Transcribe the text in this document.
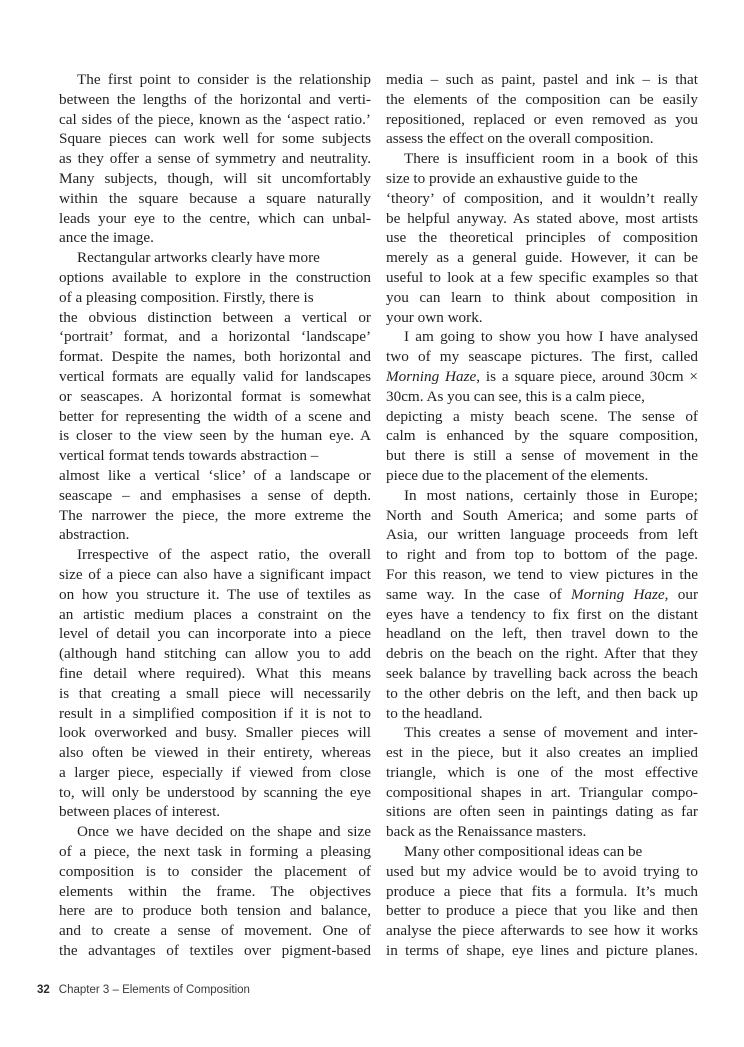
The first point to consider is the relationship
between the lengths of the horizontal and verti-
cal sides of the piece, known as the ‘aspect ratio.’
Square pieces can work well for some subjects
as they offer a sense of symmetry and neutrality.
Many subjects, though, will sit uncomfortably
within the square because a square naturally
leads your eye to the centre, which can unbal-
ance the image.
Rectangular artworks clearly have more
options available to explore in the construction
of a pleasing composition. Firstly, there is
the obvious distinction between a vertical or
‘portrait’ format, and a horizontal ‘landscape’
format. Despite the names, both horizontal and
vertical formats are equally valid for landscapes
or seascapes. A horizontal format is somewhat
better for representing the width of a scene and
is closer to the view seen by the human eye. A
vertical format tends towards abstraction –
almost like a vertical ‘slice’ of a landscape or
seascape – and emphasises a sense of depth.
The narrower the piece, the more extreme the
abstraction.
Irrespective of the aspect ratio, the overall
size of a piece can also have a significant impact
on how you structure it. The use of textiles as
an artistic medium places a constraint on the
level of detail you can incorporate into a piece
(although hand stitching can allow you to add
fine detail where required). What this means
is that creating a small piece will necessarily
result in a simplified composition if it is not to
look overworked and busy. Smaller pieces will
also often be viewed in their entirety, whereas
a larger piece, especially if viewed from close
to, will only be understood by scanning the eye
between places of interest.
Once we have decided on the shape and size
of a piece, the next task in forming a pleasing
composition is to consider the placement of
elements within the frame. The objectives
here are to produce both tension and balance,
and to create a sense of movement. One of
the advantages of textiles over pigment-based
media – such as paint, pastel and ink – is that
the elements of the composition can be easily
repositioned, replaced or even removed as you
assess the effect on the overall composition.
There is insufficient room in a book of this
size to provide an exhaustive guide to the
‘theory’ of composition, and it wouldn’t really
be helpful anyway. As stated above, most artists
use the theoretical principles of composition
merely as a general guide. However, it can be
useful to look at a few specific examples so that
you can learn to think about composition in
your own work.
I am going to show you how I have analysed
two of my seascape pictures. The first, called
Morning Haze, is a square piece, around 30cm ×
30cm. As you can see, this is a calm piece,
depicting a misty beach scene. The sense of
calm is enhanced by the square composition,
but there is still a sense of movement in the
piece due to the placement of the elements.
In most nations, certainly those in Europe;
North and South America; and some parts of
Asia, our written language proceeds from left
to right and from top to bottom of the page.
For this reason, we tend to view pictures in the
same way. In the case of Morning Haze, our
eyes have a tendency to fix first on the distant
headland on the left, then travel down to the
debris on the beach on the right. After that they
seek balance by travelling back across the beach
to the other debris on the left, and then back up
to the headland.
This creates a sense of movement and inter-
est in the piece, but it also creates an implied
triangle, which is one of the most effective
compositional shapes in art. Triangular compo-
sitions are often seen in paintings dating as far
back as the Renaissance masters.
Many other compositional ideas can be
used but my advice would be to avoid trying to
produce a piece that fits a formula. It’s much
better to produce a piece that you like and then
analyse the piece afterwards to see how it works
in terms of shape, eye lines and picture planes.
32 Chapter 3 – Elements of Composition
